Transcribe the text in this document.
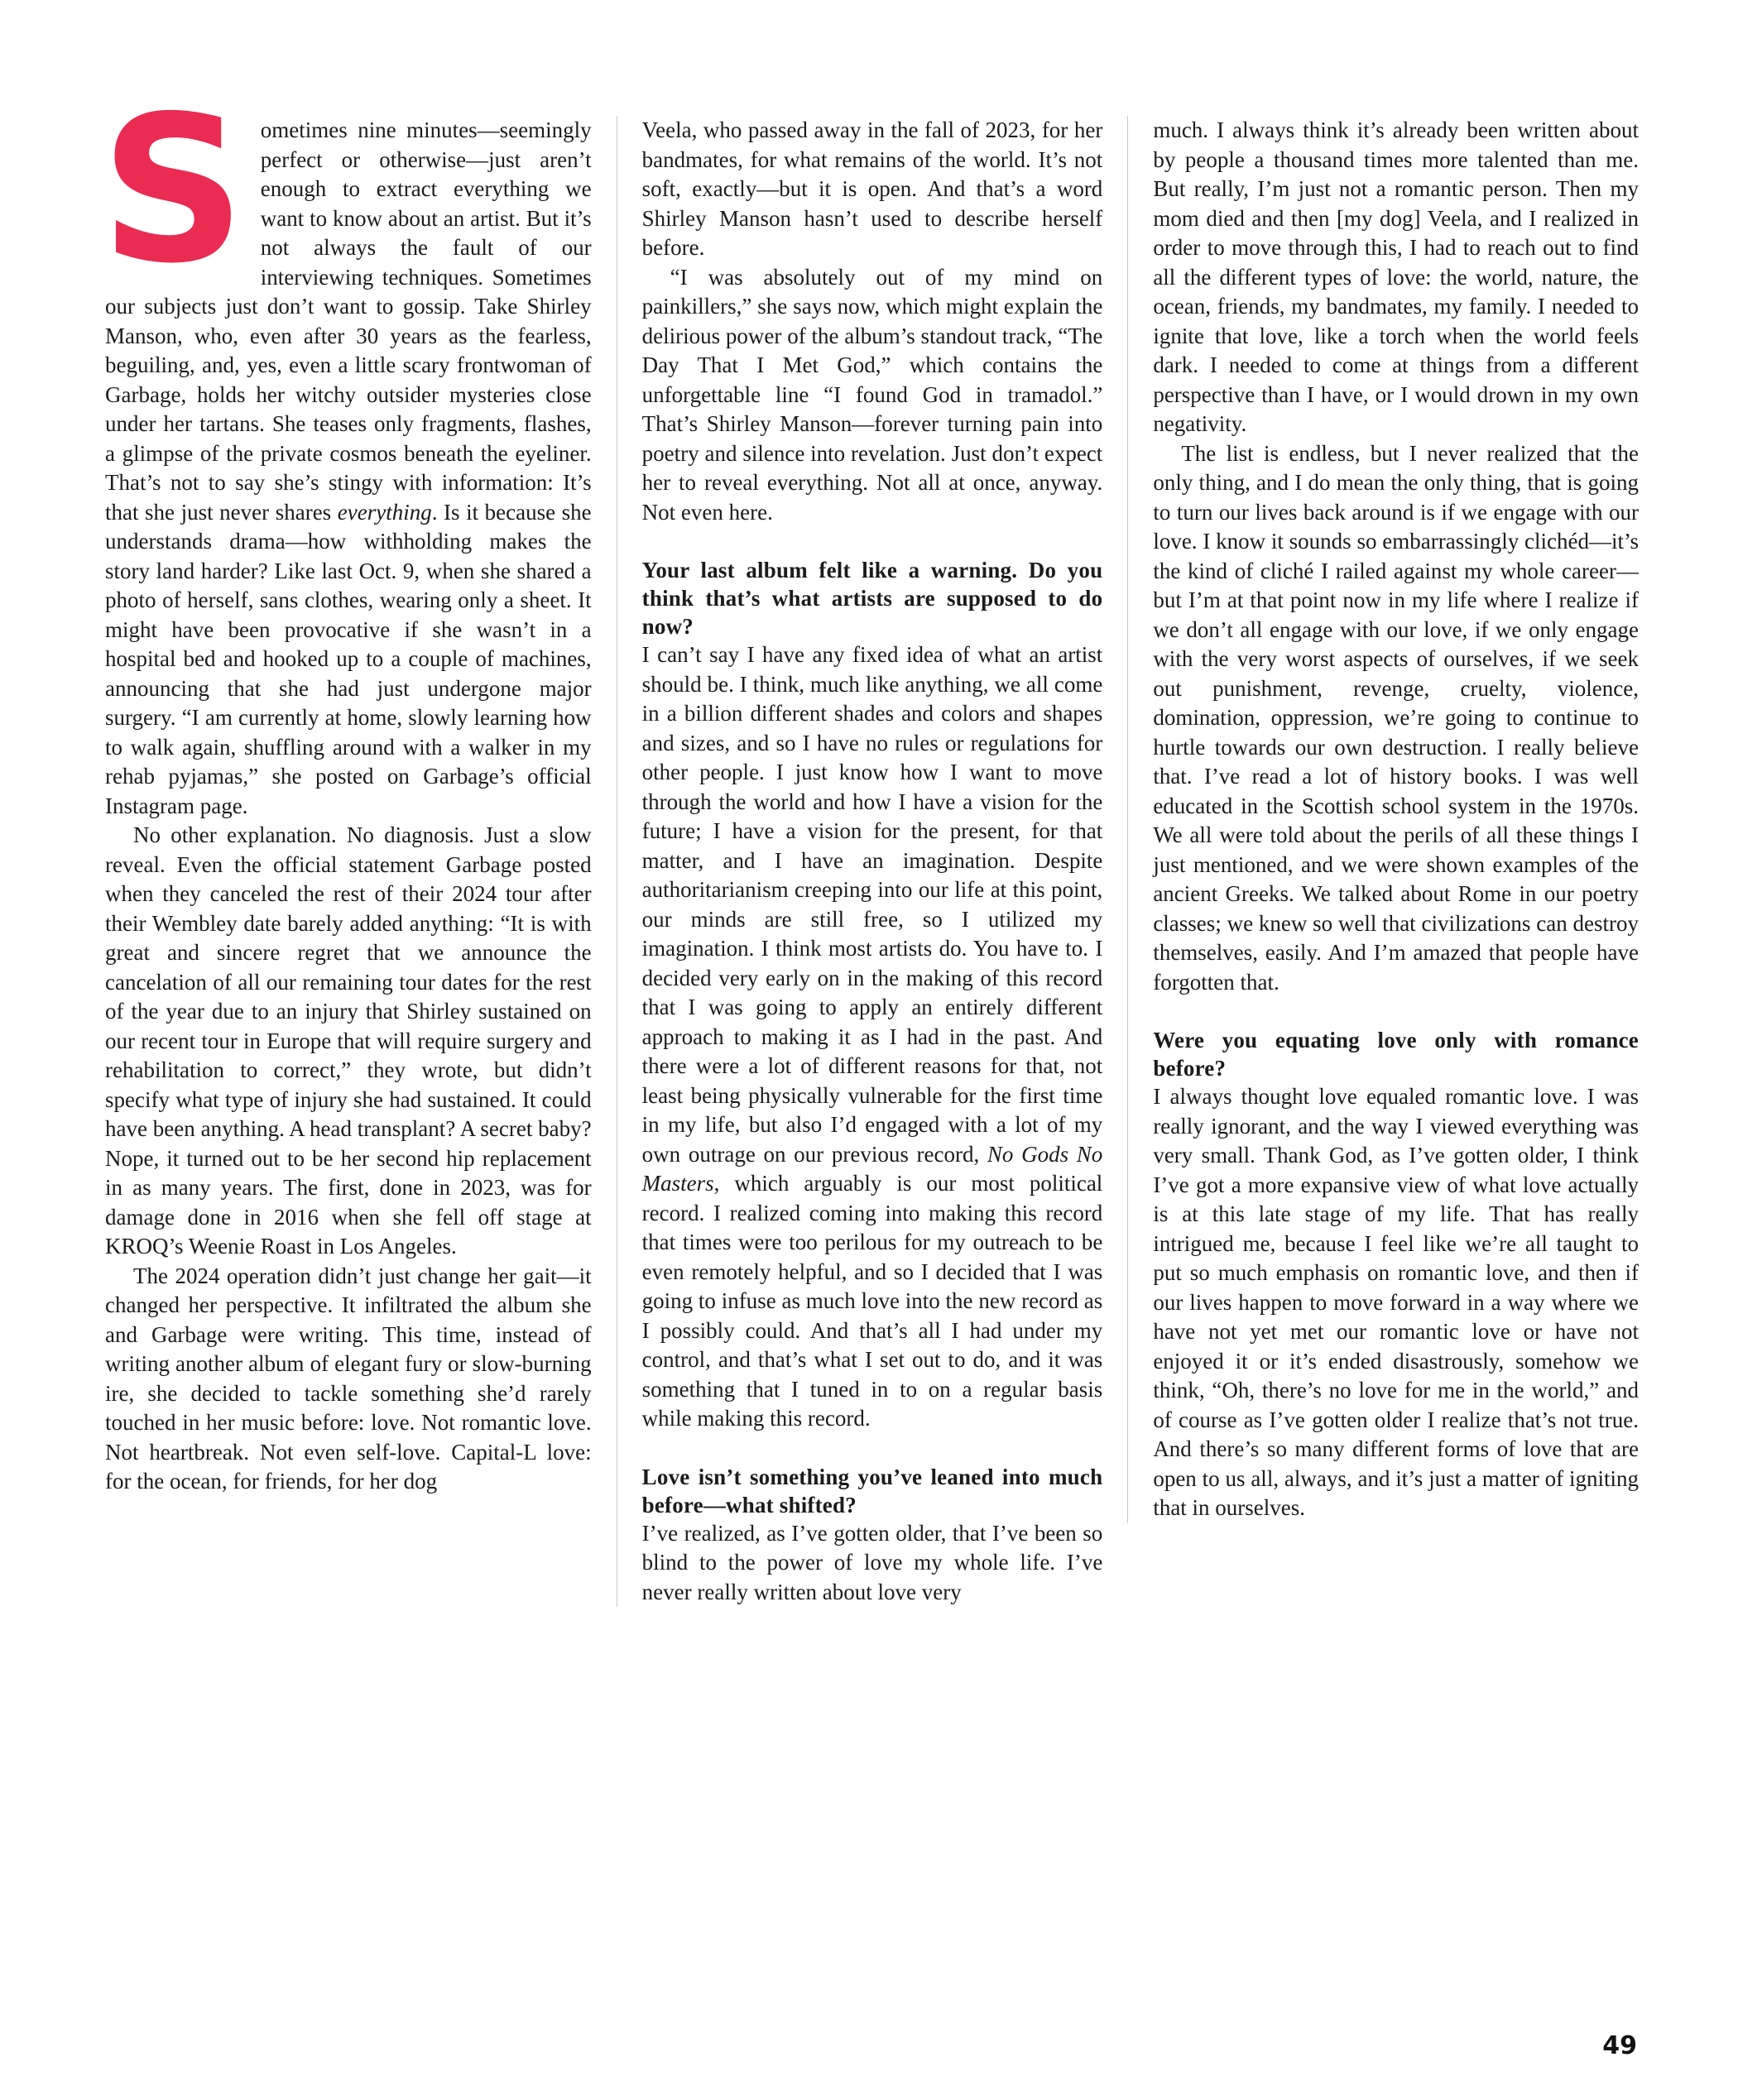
Sometimes nine minutes—seemingly perfect or otherwise—just aren’t enough to extract everything we want to know about an artist. But it’s not always the fault of our interviewing techniques. Sometimes our subjects just don’t want to gossip. Take Shirley Manson, who, even after 30 years as the fearless, beguiling, and, yes, even a little scary frontwoman of Garbage, holds her witchy outsider mysteries close under her tartans. She teases only fragments, flashes, a glimpse of the private cosmos beneath the eyeliner. That’s not to say she’s stingy with information: It’s that she just never shares everything. Is it because she understands drama—how withholding makes the story land harder? Like last Oct. 9, when she shared a photo of herself, sans clothes, wearing only a sheet. It might have been provocative if she wasn’t in a hospital bed and hooked up to a couple of machines, announcing that she had just undergone major surgery. “I am currently at home, slowly learning how to walk again, shuffling around with a walker in my rehab pyjamas,” she posted on Garbage’s official Instagram page.

No other explanation. No diagnosis. Just a slow reveal. Even the official statement Garbage posted when they canceled the rest of their 2024 tour after their Wembley date barely added anything: “It is with great and sincere regret that we announce the cancelation of all our remaining tour dates for the rest of the year due to an injury that Shirley sustained on our recent tour in Europe that will require surgery and rehabilitation to correct,” they wrote, but didn’t specify what type of injury she had sustained. It could have been anything. A head transplant? A secret baby? Nope, it turned out to be her second hip replacement in as many years. The first, done in 2023, was for damage done in 2016 when she fell off stage at KROQ’s Weenie Roast in Los Angeles.

The 2024 operation didn’t just change her gait—it changed her perspective. It infiltrated the album she and Garbage were writing. This time, instead of writing another album of elegant fury or slow-burning ire, she decided to tackle something she’d rarely touched in her music before: love. Not romantic love. Not heartbreak. Not even self-love. Capital-L love: for the ocean, for friends, for her dog

Veela, who passed away in the fall of 2023, for her bandmates, for what remains of the world. It’s not soft, exactly—but it is open. And that’s a word Shirley Manson hasn’t used to describe herself before.

“I was absolutely out of my mind on painkillers,” she says now, which might explain the delirious power of the album’s standout track, “The Day That I Met God,” which contains the unforgettable line “I found God in tramadol.” That’s Shirley Manson—forever turning pain into poetry and silence into revelation. Just don’t expect her to reveal everything. Not all at once, anyway. Not even here.

Your last album felt like a warning. Do you think that’s what artists are supposed to do now?

I can’t say I have any fixed idea of what an artist should be. I think, much like anything, we all come in a billion different shades and colors and shapes and sizes, and so I have no rules or regulations for other people. I just know how I want to move through the world and how I have a vision for the future; I have a vision for the present, for that matter, and I have an imagination. Despite authoritarianism creeping into our life at this point, our minds are still free, so I utilized my imagination. I think most artists do. You have to. I decided very early on in the making of this record that I was going to apply an entirely different approach to making it as I had in the past. And there were a lot of different reasons for that, not least being physically vulnerable for the first time in my life, but also I’d engaged with a lot of my own outrage on our previous record, No Gods No Masters, which arguably is our most political record. I realized coming into making this record that times were too perilous for my outreach to be even remotely helpful, and so I decided that I was going to infuse as much love into the new record as I possibly could. And that’s all I had under my control, and that’s what I set out to do, and it was something that I tuned in to on a regular basis while making this record.

Love isn’t something you’ve leaned into much before—what shifted?

I’ve realized, as I’ve gotten older, that I’ve been so blind to the power of love my whole life. I’ve never really written about love very

much. I always think it’s already been written about by people a thousand times more talented than me. But really, I’m just not a romantic person. Then my mom died and then [my dog] Veela, and I realized in order to move through this, I had to reach out to find all the different types of love: the world, nature, the ocean, friends, my bandmates, my family. I needed to ignite that love, like a torch when the world feels dark. I needed to come at things from a different perspective than I have, or I would drown in my own negativity.

The list is endless, but I never realized that the only thing, and I do mean the only thing, that is going to turn our lives back around is if we engage with our love. I know it sounds so embarrassingly clichéd—it’s the kind of cliché I railed against my whole career—but I’m at that point now in my life where I realize if we don’t all engage with our love, if we only engage with the very worst aspects of ourselves, if we seek out punishment, revenge, cruelty, violence, domination, oppression, we’re going to continue to hurtle towards our own destruction. I really believe that. I’ve read a lot of history books. I was well educated in the Scottish school system in the 1970s. We all were told about the perils of all these things I just mentioned, and we were shown examples of the ancient Greeks. We talked about Rome in our poetry classes; we knew so well that civilizations can destroy themselves, easily. And I’m amazed that people have forgotten that.

Were you equating love only with romance before?

I always thought love equaled romantic love. I was really ignorant, and the way I viewed everything was very small. Thank God, as I’ve gotten older, I think I’ve got a more expansive view of what love actually is at this late stage of my life. That has really intrigued me, because I feel like we’re all taught to put so much emphasis on romantic love, and then if our lives happen to move forward in a way where we have not yet met our romantic love or have not enjoyed it or it’s ended disastrously, somehow we think, “Oh, there’s no love for me in the world,” and of course as I’ve gotten older I realize that’s not true. And there’s so many different forms of love that are open to us all, always, and it’s just a matter of igniting that in ourselves.

49
